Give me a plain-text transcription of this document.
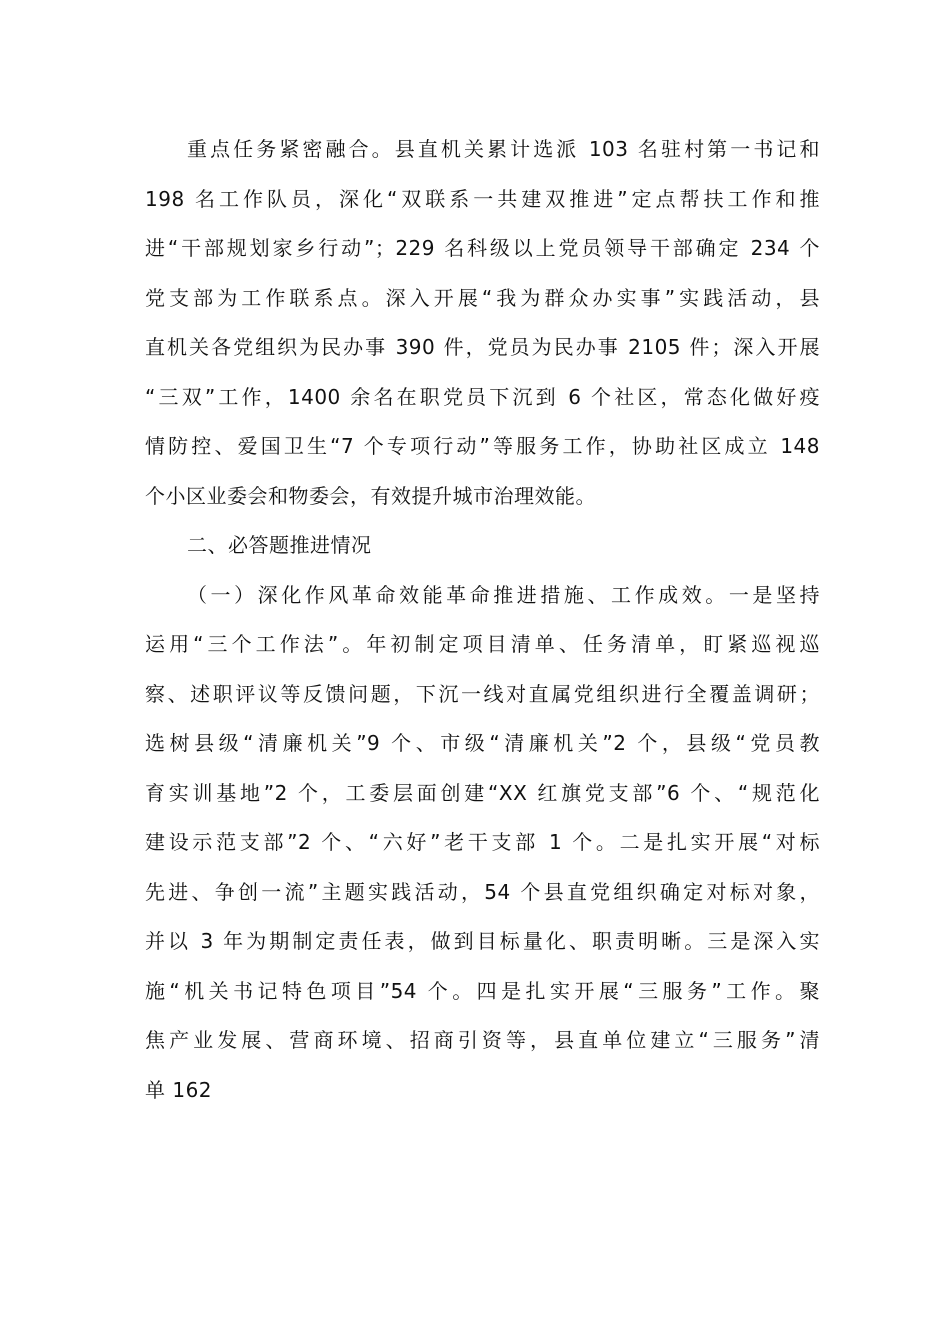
重点任务紧密融合。县直机关累计选派 103 名驻村第一书记和
198 名工作队员，深化“双联系一共建双推进”定点帮扶工作和推
进“干部规划家乡行动”；229 名科级以上党员领导干部确定 234 个
党支部为工作联系点。深入开展“我为群众办实事”实践活动，县
直机关各党组织为民办事 390 件，党员为民办事 2105 件；深入开展
“三双”工作，1400 余名在职党员下沉到 6 个社区，常态化做好疫
情防控、爱国卫生“7 个专项行动”等服务工作，协助社区成立 148
个小区业委会和物委会，有效提升城市治理效能。
二、必答题推进情况
（一）深化作风革命效能革命推进措施、工作成效。一是坚持
运用“三个工作法”。年初制定项目清单、任务清单，盯紧巡视巡
察、述职评议等反馈问题，下沉一线对直属党组织进行全覆盖调研；
选树县级“清廉机关”9 个、市级“清廉机关”2 个，县级“党员教
育实训基地”2 个，工委层面创建“XX 红旗党支部”6 个、“规范化
建设示范支部”2 个、“六好”老干支部 1 个。二是扎实开展“对标
先进、争创一流”主题实践活动，54 个县直党组织确定对标对象，
并以 3 年为期制定责任表，做到目标量化、职责明晰。三是深入实
施“机关书记特色项目”54 个。四是扎实开展“三服务”工作。聚
焦产业发展、营商环境、招商引资等，县直单位建立“三服务”清
单 162
